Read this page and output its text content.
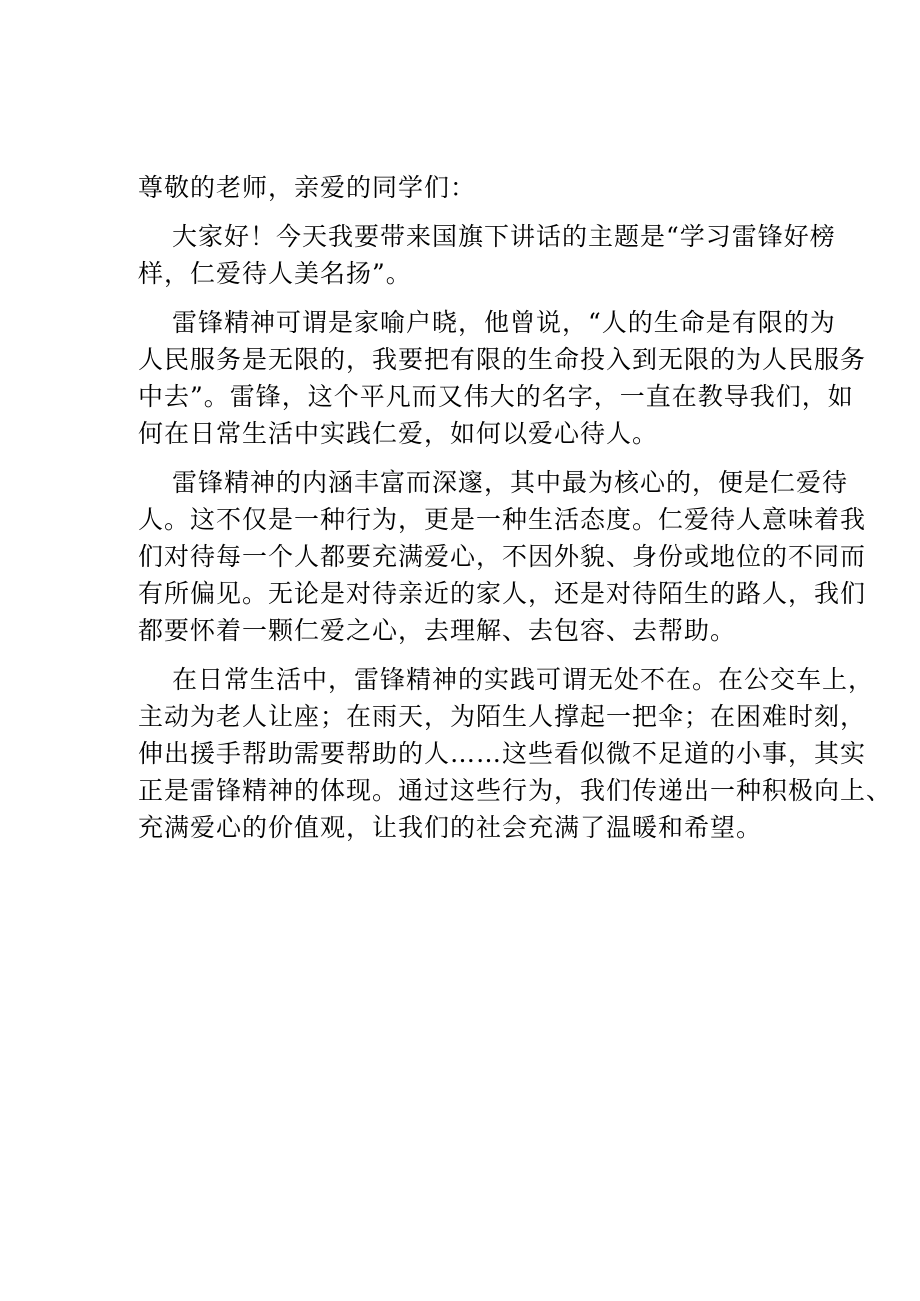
尊敬的老师，亲爱的同学们：

大家好！今天我要带来国旗下讲话的主题是“学习雷锋好榜
样，仁爱待人美名扬”。
雷锋精神可谓是家喻户晓，他曾说，“人的生命是有限的为
人民服务是无限的，我要把有限的生命投入到无限的为人民服务
中去”。雷锋，这个平凡而又伟大的名字，一直在教导我们，如
何在日常生活中实践仁爱，如何以爱心待人。
雷锋精神的内涵丰富而深邃，其中最为核心的，便是仁爱待
人。这不仅是一种行为，更是一种生活态度。仁爱待人意味着我
们对待每一个人都要充满爱心，不因外貌、身份或地位的不同而
有所偏见。无论是对待亲近的家人，还是对待陌生的路人，我们
都要怀着一颗仁爱之心，去理解、去包容、去帮助。
在日常生活中，雷锋精神的实践可谓无处不在。在公交车上，
主动为老人让座；在雨天，为陌生人撑起一把伞；在困难时刻，
伸出援手帮助需要帮助的人……这些看似微不足道的小事，其实
正是雷锋精神的体现。通过这些行为，我们传递出一种积极向上、
充满爱心的价值观，让我们的社会充满了温暖和希望。
